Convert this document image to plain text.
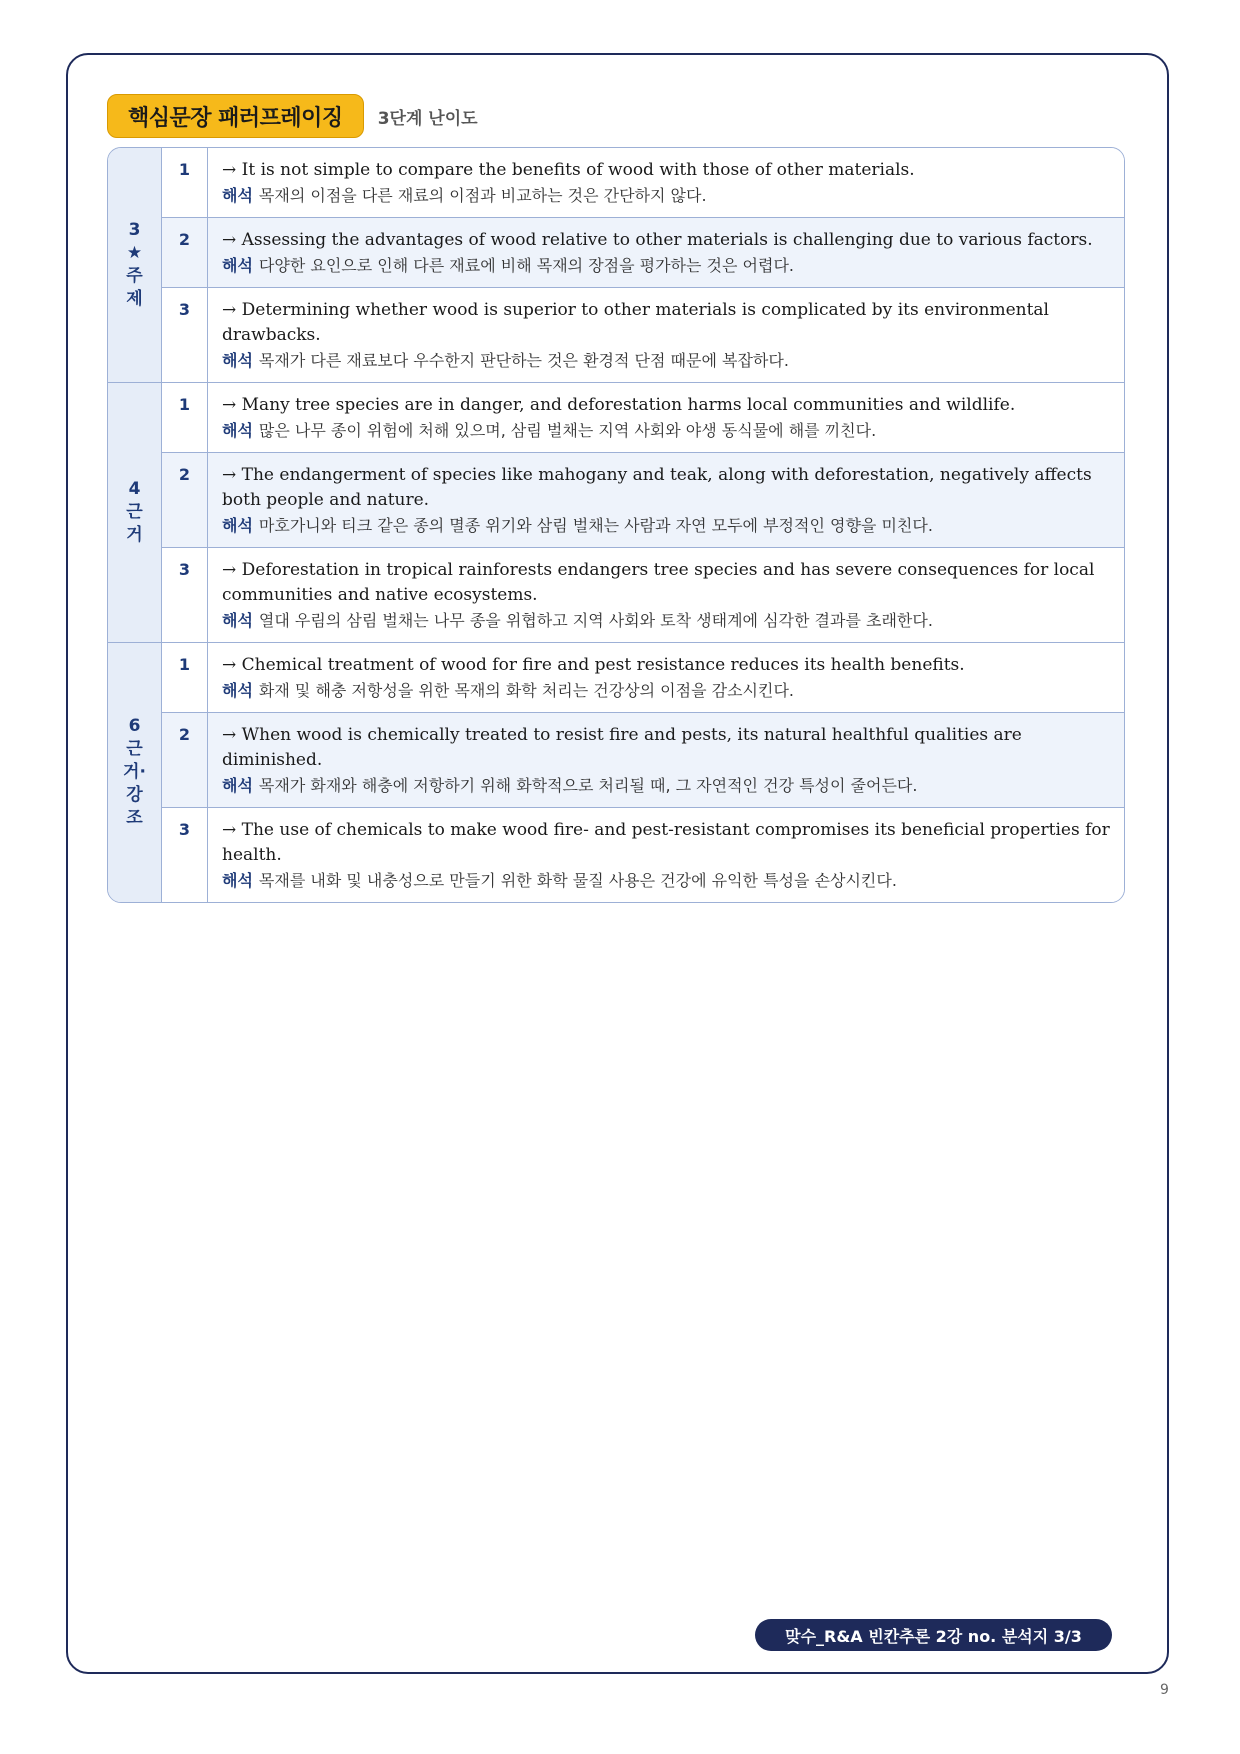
핵심문장 패러프레이징	3단계 난이도
3
★
주
제
1	→ It is not simple to compare the benefits of wood with those of other materials.
해석 목재의 이점을 다른 재료의 이점과 비교하는 것은 간단하지 않다.
2	→ Assessing the advantages of wood relative to other materials is challenging due to various factors.
해석 다양한 요인으로 인해 다른 재료에 비해 목재의 장점을 평가하는 것은 어렵다.
3	→ Determining whether wood is superior to other materials is complicated by its environmental drawbacks.
해석 목재가 다른 재료보다 우수한지 판단하는 것은 환경적 단점 때문에 복잡하다.
4
근
거
1	→ Many tree species are in danger, and deforestation harms local communities and wildlife.
해석 많은 나무 종이 위험에 처해 있으며, 삼림 벌채는 지역 사회와 야생 동식물에 해를 끼친다.
2	→ The endangerment of species like mahogany and teak, along with deforestation, negatively affects both people and nature.
해석 마호가니와 티크 같은 종의 멸종 위기와 삼림 벌채는 사람과 자연 모두에 부정적인 영향을 미친다.
3	→ Deforestation in tropical rainforests endangers tree species and has severe consequences for local communities and native ecosystems.
해석 열대 우림의 삼림 벌채는 나무 종을 위협하고 지역 사회와 토착 생태계에 심각한 결과를 초래한다.
6
근
거·
강
조
1	→ Chemical treatment of wood for fire and pest resistance reduces its health benefits.
해석 화재 및 해충 저항성을 위한 목재의 화학 처리는 건강상의 이점을 감소시킨다.
2	→ When wood is chemically treated to resist fire and pests, its natural healthful qualities are diminished.
해석 목재가 화재와 해충에 저항하기 위해 화학적으로 처리될 때, 그 자연적인 건강 특성이 줄어든다.
3	→ The use of chemicals to make wood fire- and pest-resistant compromises its beneficial properties for health.
해석 목재를 내화 및 내충성으로 만들기 위한 화학 물질 사용은 건강에 유익한 특성을 손상시킨다.
맞수_R&A 빈칸추론 2강 no. 분석지 3/3
9
